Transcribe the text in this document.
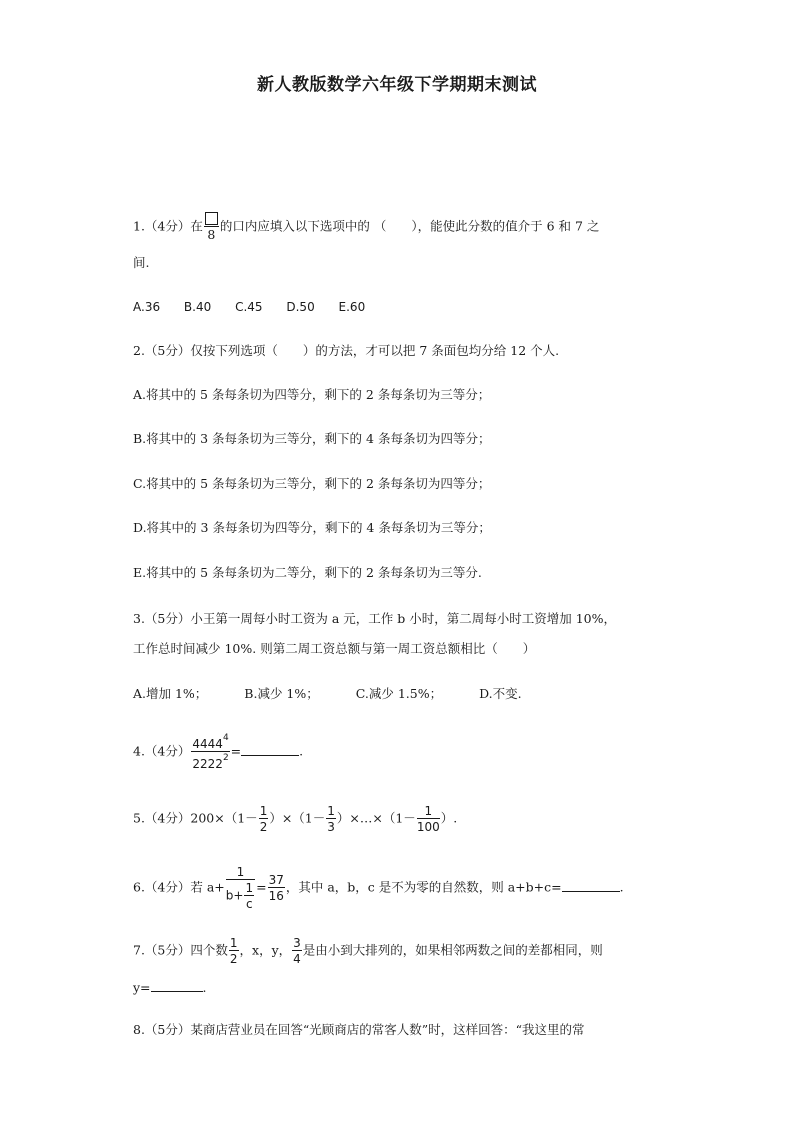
新人教版数学六年级下学期期末测试
1.（4分）在
8
的口内应填入以下选项中的 （　　），能使此分数的值介于 6 和 7 之
间.
A.36 B.40 C.45 D.50 E.60
2.（5分）仅按下列选项（　　）的方法，才可以把 7 条面包均分给 12 个人.
A.将其中的 5 条每条切为四等分，剩下的 2 条每条切为三等分；
B.将其中的 3 条每条切为三等分，剩下的 4 条每条切为四等分；
C.将其中的 5 条每条切为三等分，剩下的 2 条每条切为四等分；
D.将其中的 3 条每条切为四等分，剩下的 4 条每条切为三等分；
E.将其中的 5 条每条切为二等分，剩下的 2 条每条切为三等分.
3.（5分）小王第一周每小时工资为 a 元，工作 b 小时，第二周每小时工资增加 10%，
工作总时间减少 10%. 则第二周工资总额与第一周工资总额相比（　　）
A.增加 1%；	B.减少 1%；	C.减少 1.5%；	D.不变.
4.（4分） $\frac{4444^4}{2222^2}$ =	.
5.（4分）$200\times(1- \frac{1}{2} )\times(1- \frac{1}{3}$ ）×…×（1－ $\frac{1}{100}$ ）.
6.（4分）若 $a+ \frac{1}{b+ \frac{1}{c}} = \frac{37}{16}$ ，其中 a，b，c 是不为零的自然数，则 a+b+c=	.
7.（5分）四个数 $\frac{1}{2}$ ，x，y， $\frac{3}{4}$ 是由小到大排列的，如果相邻两数之间的差都相同，则
y=	.
8.（5分）某商店营业员在回答“光顾商店的常客人数”时，这样回答：“我这里的常
